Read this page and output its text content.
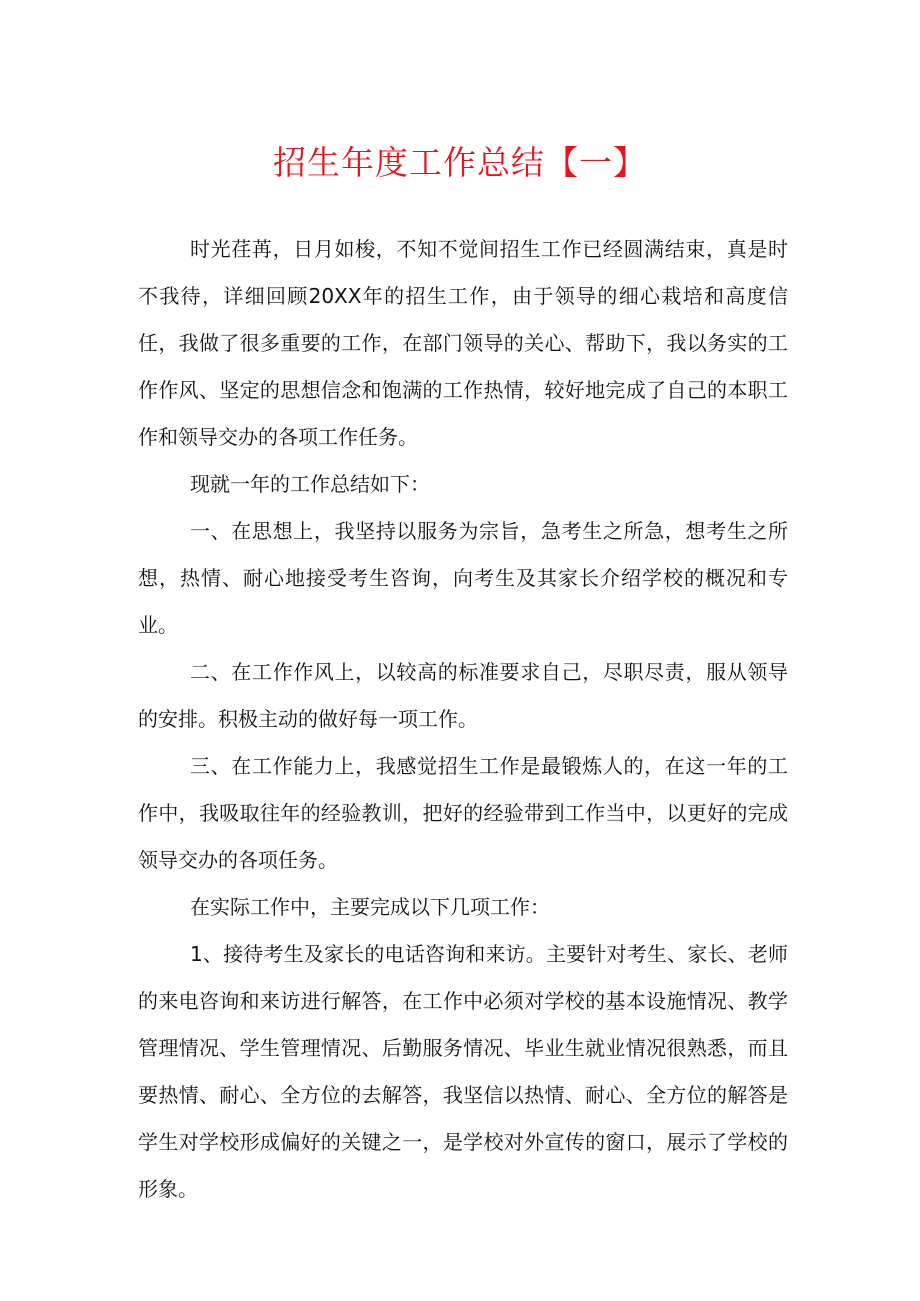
招生年度工作总结【一】

时光荏苒，日月如梭，不知不觉间招生工作已经圆满结束，真是时不我待，详细回顾20XX年的招生工作，由于领导的细心栽培和高度信任，我做了很多重要的工作，在部门领导的关心、帮助下，我以务实的工作作风、坚定的思想信念和饱满的工作热情，较好地完成了自己的本职工作和领导交办的各项工作任务。

现就一年的工作总结如下：

一、在思想上，我坚持以服务为宗旨，急考生之所急，想考生之所想，热情、耐心地接受考生咨询，向考生及其家长介绍学校的概况和专业。

二、在工作作风上，以较高的标准要求自己，尽职尽责，服从领导的安排。积极主动的做好每一项工作。

三、在工作能力上，我感觉招生工作是最锻炼人的，在这一年的工作中，我吸取往年的经验教训，把好的经验带到工作当中，以更好的完成领导交办的各项任务。

在实际工作中，主要完成以下几项工作：

1、接待考生及家长的电话咨询和来访。主要针对考生、家长、老师的来电咨询和来访进行解答，在工作中必须对学校的基本设施情况、教学管理情况、学生管理情况、后勤服务情况、毕业生就业情况很熟悉，而且要热情、耐心、全方位的去解答，我坚信以热情、耐心、全方位的解答是学生对学校形成偏好的关键之一，是学校对外宣传的窗口，展示了学校的形象。
